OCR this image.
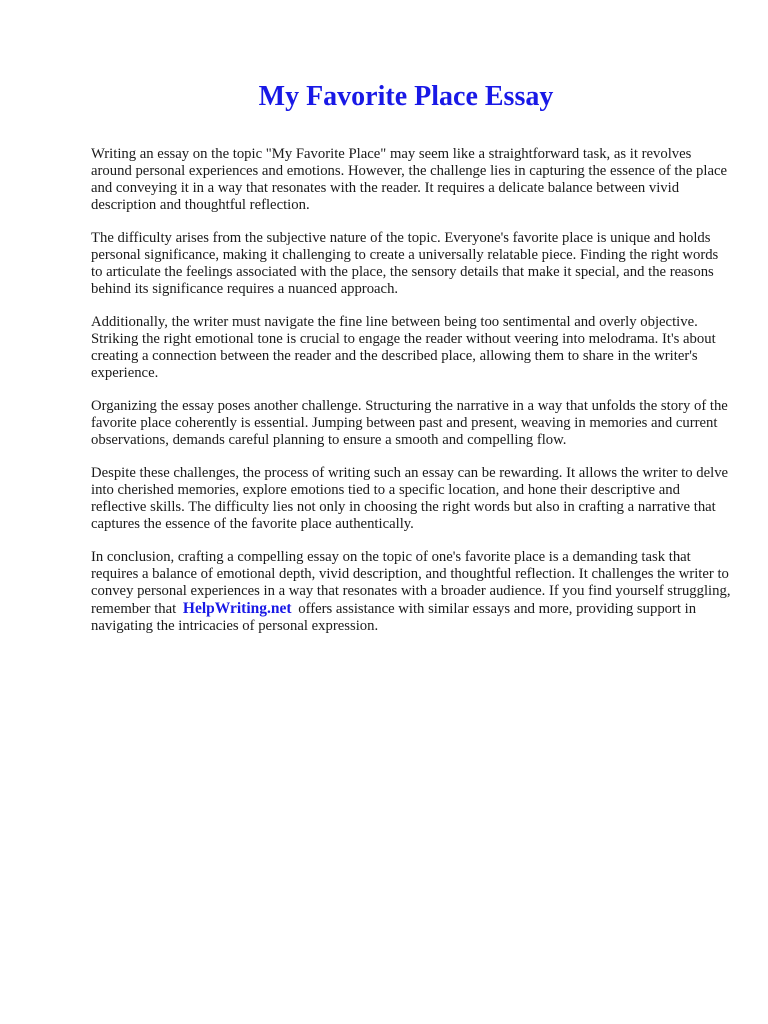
My Favorite Place Essay

Writing an essay on the topic "My Favorite Place" may seem like a straightforward task, as it revolves around personal experiences and emotions. However, the challenge lies in capturing the essence of the place and conveying it in a way that resonates with the reader. It requires a delicate balance between vivid description and thoughtful reflection.

The difficulty arises from the subjective nature of the topic. Everyone's favorite place is unique and holds personal significance, making it challenging to create a universally relatable piece. Finding the right words to articulate the feelings associated with the place, the sensory details that make it special, and the reasons behind its significance requires a nuanced approach.

Additionally, the writer must navigate the fine line between being too sentimental and overly objective. Striking the right emotional tone is crucial to engage the reader without veering into melodrama. It's about creating a connection between the reader and the described place, allowing them to share in the writer's experience.

Organizing the essay poses another challenge. Structuring the narrative in a way that unfolds the story of the favorite place coherently is essential. Jumping between past and present, weaving in memories and current observations, demands careful planning to ensure a smooth and compelling flow.

Despite these challenges, the process of writing such an essay can be rewarding. It allows the writer to delve into cherished memories, explore emotions tied to a specific location, and hone their descriptive and reflective skills. The difficulty lies not only in choosing the right words but also in crafting a narrative that captures the essence of the favorite place authentically.

In conclusion, crafting a compelling essay on the topic of one's favorite place is a demanding task that requires a balance of emotional depth, vivid description, and thoughtful reflection. It challenges the writer to convey personal experiences in a way that resonates with a broader audience. If you find yourself struggling, remember that HelpWriting.net offers assistance with similar essays and more, providing support in navigating the intricacies of personal expression.
